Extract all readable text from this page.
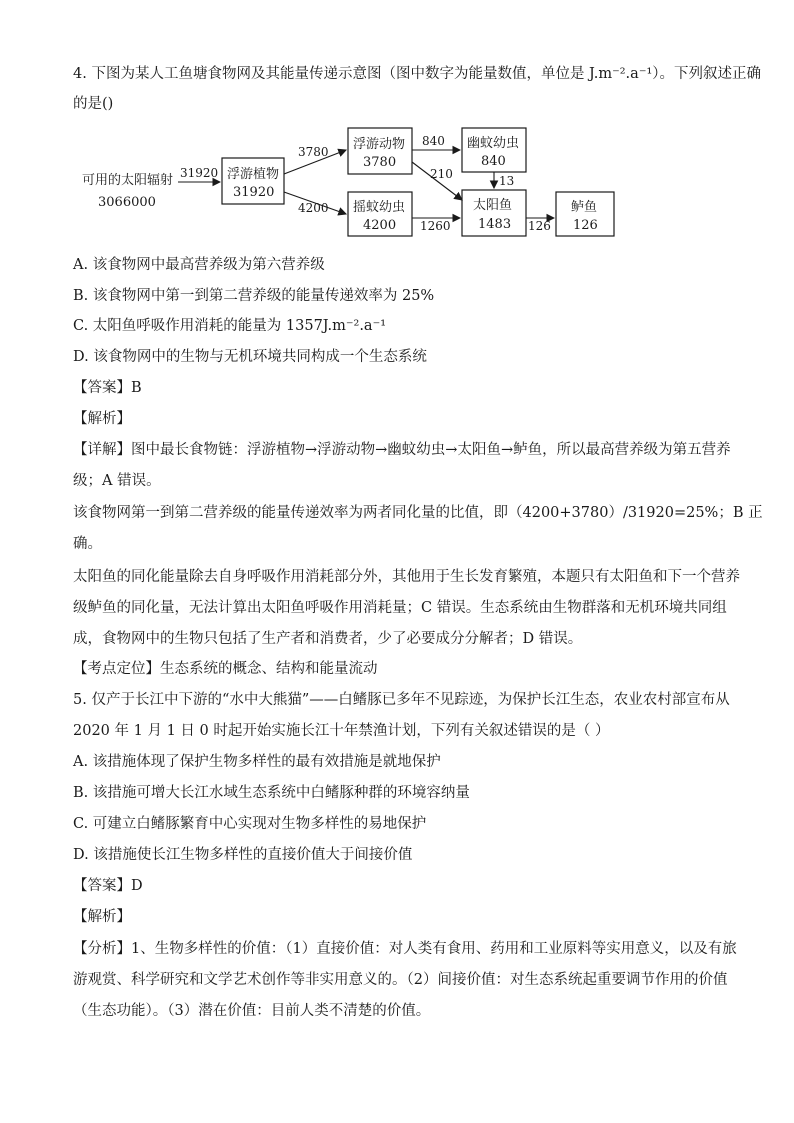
4. 下图为某人工鱼塘食物网及其能量传递示意图（图中数字为能量数值，单位是 J.m⁻².a⁻¹）。下列叙述正确
的是()
可用的太阳辐射
3066000
浮游植物
31920
浮游动物
3780
摇蚊幼虫
4200
幽蚊幼虫
840
太阳鱼
1483
鲈鱼
126
31920
3780
4200
840
210	13
1260	126
A. 该食物网中最高营养级为第六营养级
B. 该食物网中第一到第二营养级的能量传递效率为 25%
C. 太阳鱼呼吸作用消耗的能量为 1357J.m⁻².a⁻¹
D. 该食物网中的生物与无机环境共同构成一个生态系统
【答案】B
【解析】
【详解】图中最长食物链：浮游植物→浮游动物→幽蚊幼虫→太阳鱼→鲈鱼，所以最高营养级为第五营养
级；A 错误。
该食物网第一到第二营养级的能量传递效率为两者同化量的比值，即（4200+3780）/31920=25%；B 正
确。
太阳鱼的同化能量除去自身呼吸作用消耗部分外，其他用于生长发育繁殖，本题只有太阳鱼和下一个营养
级鲈鱼的同化量，无法计算出太阳鱼呼吸作用消耗量；C 错误。生态系统由生物群落和无机环境共同组
成，食物网中的生物只包括了生产者和消费者，少了必要成分分解者；D 错误。
【考点定位】生态系统的概念、结构和能量流动
5. 仅产于长江中下游的“水中大熊猫”——白鳍豚已多年不见踪迹，为保护长江生态，农业农村部宣布从
2020 年 1 月 1 日 0 时起开始实施长江十年禁渔计划，下列有关叙述错误的是（ ）
A. 该措施体现了保护生物多样性的最有效措施是就地保护
B. 该措施可增大长江水域生态系统中白鳍豚种群的环境容纳量
C. 可建立白鳍豚繁育中心实现对生物多样性的易地保护
D. 该措施使长江生物多样性的直接价值大于间接价值
【答案】D
【解析】
【分析】1、生物多样性的价值：（1）直接价值：对人类有食用、药用和工业原料等实用意义，以及有旅
游观赏、科学研究和文学艺术创作等非实用意义的。（2）间接价值：对生态系统起重要调节作用的价值
（生态功能）。（3）潜在价值：目前人类不清楚的价值。
